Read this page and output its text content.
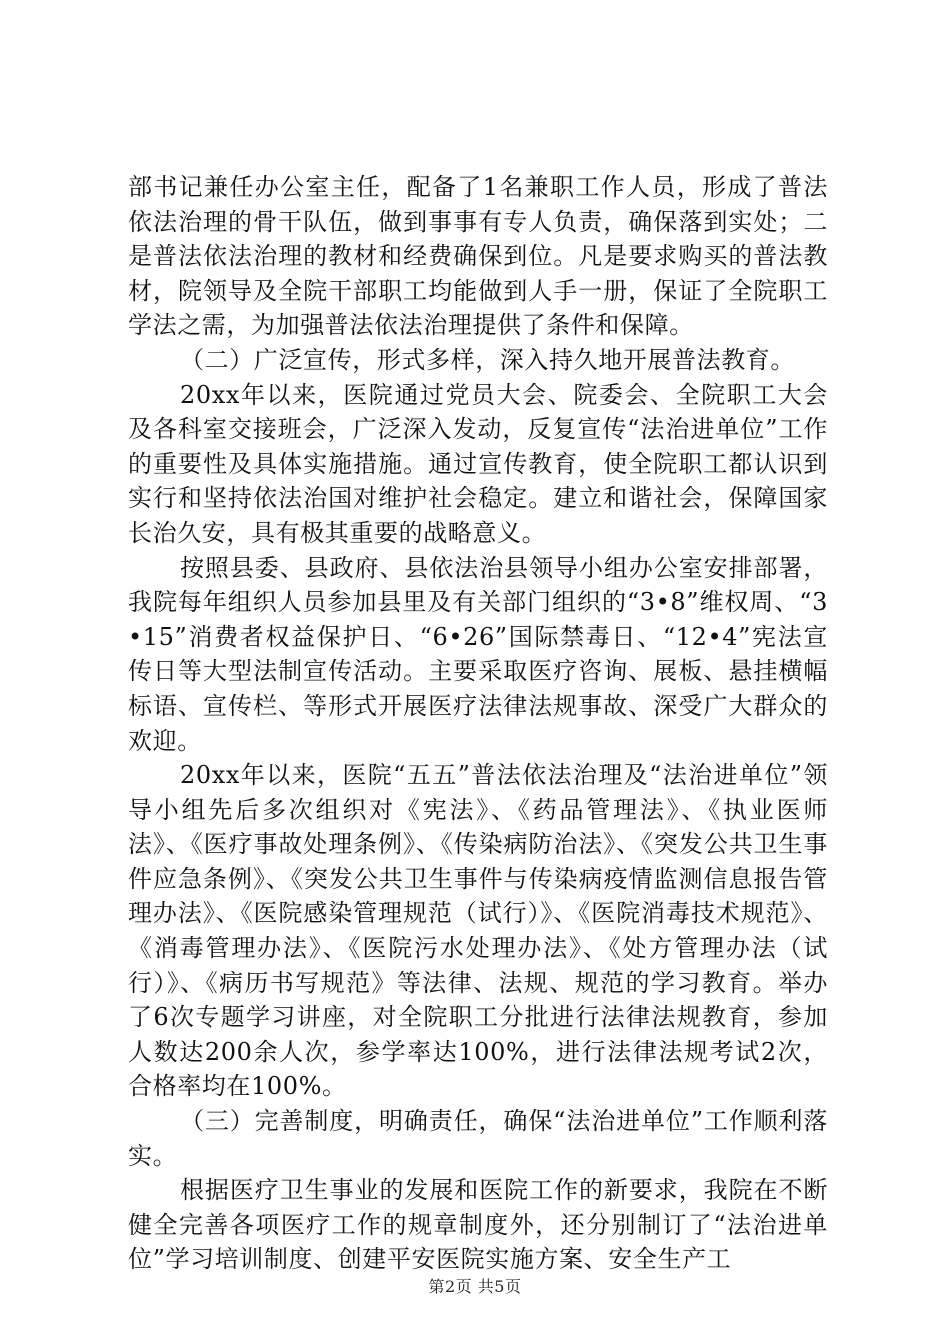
部书记兼任办公室主任，配备了1名兼职工作人员，形成了普法依法治理的骨干队伍，做到事事有专人负责，确保落到实处；二是普法依法治理的教材和经费确保到位。凡是要求购买的普法教材，院领导及全院干部职工均能做到人手一册，保证了全院职工学法之需，为加强普法依法治理提供了条件和保障。

（二）广泛宣传，形式多样，深入持久地开展普法教育。

20xx年以来，医院通过党员大会、院委会、全院职工大会及各科室交接班会，广泛深入发动，反复宣传“法治进单位”工作的重要性及具体实施措施。通过宣传教育，使全院职工都认识到实行和坚持依法治国对维护社会稳定。建立和谐社会，保障国家长治久安，具有极其重要的战略意义。

按照县委、县政府、县依法治县领导小组办公室安排部署，我院每年组织人员参加县里及有关部门组织的“3•8”维权周、“3•15”消费者权益保护日、“6•26”国际禁毒日、“12•4”宪法宣传日等大型法制宣传活动。主要采取医疗咨询、展板、悬挂横幅标语、宣传栏、等形式开展医疗法律法规事故、深受广大群众的欢迎。

20xx年以来，医院“五五”普法依法治理及“法治进单位”领导小组先后多次组织对《宪法》、《药品管理法》、《执业医师法》、《医疗事故处理条例》、《传染病防治法》、《突发公共卫生事件应急条例》、《突发公共卫生事件与传染病疫情监测信息报告管理办法》、《医院感染管理规范（试行）》、《医院消毒技术规范》、《消毒管理办法》、《医院污水处理办法》、《处方管理办法（试行）》、《病历书写规范》等法律、法规、规范的学习教育。举办了6次专题学习讲座，对全院职工分批进行法律法规教育，参加人数达200余人次，参学率达100%，进行法律法规考试2次，合格率均在100%。

（三）完善制度，明确责任，确保“法治进单位”工作顺利落实。

根据医疗卫生事业的发展和医院工作的新要求，我院在不断健全完善各项医疗工作的规章制度外，还分别制订了“法治进单位”学习培训制度、创建平安医院实施方案、安全生产工

第2页 共5页
